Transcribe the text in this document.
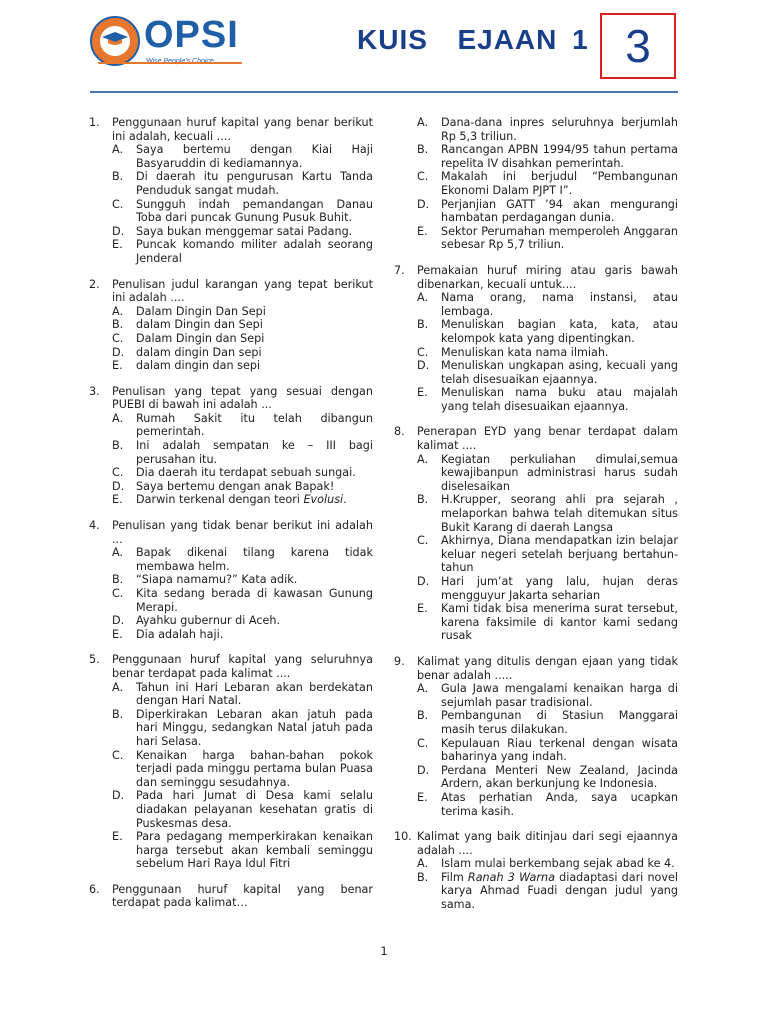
OPSI	KUIS  EJAAN 1 3
1.	Penggunaan huruf kapital yang benar berikut ini adalah, kecuali ....
A.	Saya bertemu dengan Kiai Haji Basyaruddin di kediamannya.
B.	Di daerah itu pengurusan Kartu Tanda Penduduk sangat mudah.
C.	Sungguh indah pemandangan Danau Toba dari puncak Gunung Pusuk Buhit.
D.	Saya bukan menggemar satai Padang.
E.	Puncak komando militer adalah seorang Jenderal
2.	Penulisan judul karangan yang tepat berikut ini adalah ....
A.	Dalam Dingin Dan Sepi
B.	dalam Dingin dan Sepi
C.	Dalam Dingin dan Sepi
D.	dalam dingin Dan sepi
E.	dalam dingin dan sepi
3.	Penulisan yang tepat yang sesuai dengan PUEBI di bawah ini adalah ...
A.	Rumah Sakit itu telah dibangun pemerintah.
B.	Ini adalah sempatan ke – III bagi perusahan itu.
C.	Dia daerah itu terdapat sebuah sungai.
D.	Saya bertemu dengan anak Bapak!
E.	Darwin terkenal dengan teori Evolusi.
4.	Penulisan yang tidak benar berikut ini adalah ...
A.	Bapak dikenai tilang karena tidak membawa helm.
B.	“Siapa namamu?” Kata adik.
C.	Kita sedang berada di kawasan Gunung Merapi.
D.	Ayahku gubernur di Aceh.
E.	Dia adalah haji.
5.	Penggunaan huruf kapital yang seluruhnya benar terdapat pada kalimat ....
A.	Tahun ini Hari Lebaran akan berdekatan dengan Hari Natal.
B.	Diperkirakan Lebaran akan jatuh pada hari Minggu, sedangkan Natal jatuh pada hari Selasa.
C.	Kenaikan harga bahan-bahan pokok terjadi pada minggu pertama bulan Puasa dan seminggu sesudahnya.
D.	Pada hari Jumat di Desa kami selalu diadakan pelayanan kesehatan gratis di Puskesmas desa.
E.	Para pedagang memperkirakan kenaikan harga tersebut akan kembali seminggu sebelum Hari Raya Idul Fitri
6.	Penggunaan huruf kapital yang benar terdapat pada kalimat…
A.	Dana-dana inpres seluruhnya berjumlah Rp 5,3 triliun.
B.	Rancangan APBN 1994/95 tahun pertama repelita IV disahkan pemerintah.
C.	Makalah ini berjudul “Pembangunan Ekonomi Dalam PJPT I”.
D.	Perjanjian GATT ’94 akan mengurangi hambatan perdagangan dunia.
E.	Sektor Perumahan memperoleh Anggaran sebesar Rp 5,7 triliun.
7.	Pemakaian huruf miring atau garis bawah dibenarkan, kecuali untuk....
A.	Nama orang, nama instansi, atau lembaga.
B.	Menuliskan bagian kata, kata, atau kelompok kata yang dipentingkan.
C.	Menuliskan kata nama ilmiah.
D.	Menuliskan ungkapan asing, kecuali yang telah disesuaikan ejaannya.
E.	Menuliskan nama buku atau majalah yang telah disesuaikan ejaannya.
8.	Penerapan EYD yang benar terdapat dalam kalimat ....
A.	Kegiatan perkuliahan dimulai,semua kewajibanpun administrasi harus sudah diselesaikan
B.	H.Krupper, seorang ahli pra sejarah , melaporkan bahwa telah ditemukan situs Bukit Karang di daerah Langsa
C.	Akhirnya, Diana mendapatkan izin belajar keluar negeri setelah berjuang bertahun-tahun
D.	Hari jum’at yang lalu, hujan deras mengguyur Jakarta seharian
E.	Kami tidak bisa menerima surat tersebut, karena faksimile di kantor kami sedang rusak
9.	Kalimat yang ditulis dengan ejaan yang tidak benar adalah .....
A.	Gula Jawa mengalami kenaikan harga di sejumlah pasar tradisional.
B.	Pembangunan di Stasiun Manggarai masih terus dilakukan.
C.	Kepulauan Riau terkenal dengan wisata baharinya yang indah.
D.	Perdana Menteri New Zealand, Jacinda Ardern, akan berkunjung ke Indonesia.
E.	Atas perhatian Anda, saya ucapkan terima kasih.
10. Kalimat yang baik ditinjau dari segi ejaannya adalah ....
A.	Islam mulai berkembang sejak abad ke 4.
B.	Film Ranah 3 Warna diadaptasi dari novel karya Ahmad Fuadi dengan judul yang sama.
1
